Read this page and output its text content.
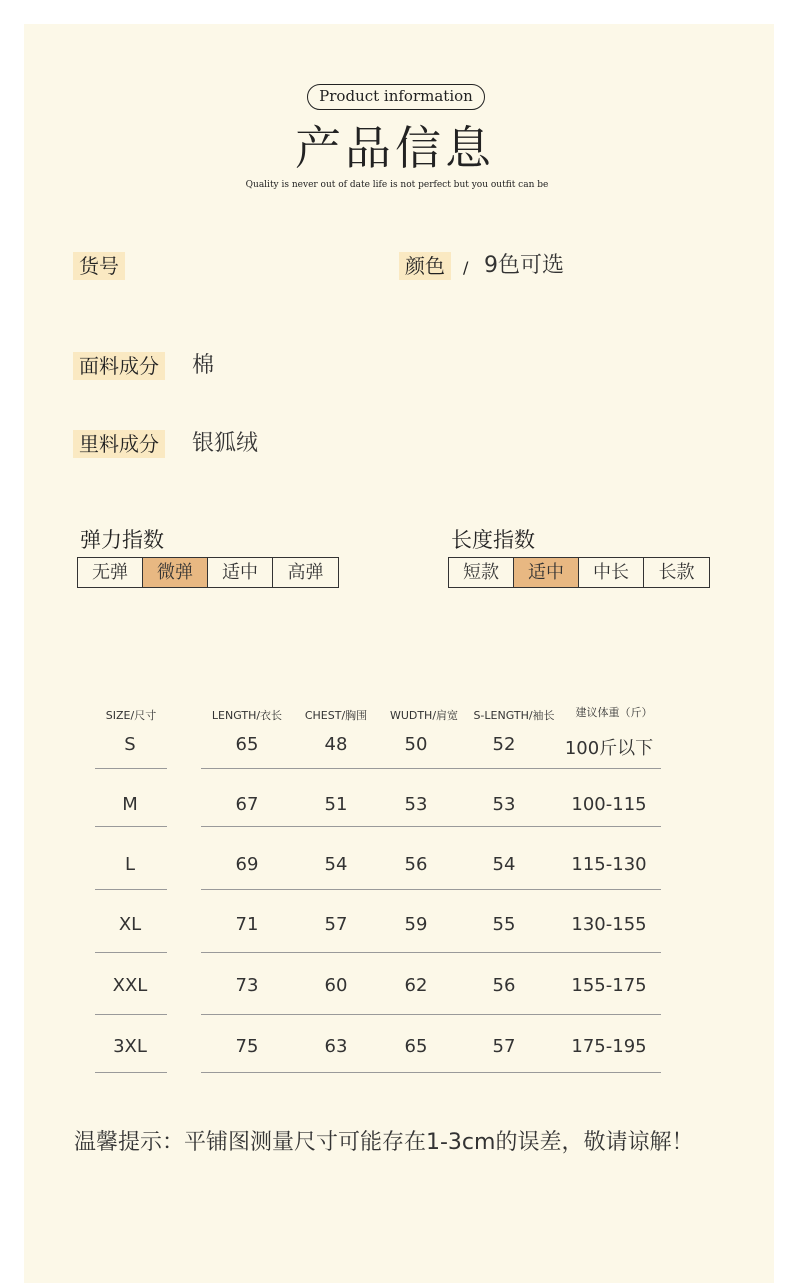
Product information
产品信息
Quality is never out of date life is not perfect but you outfit can be
货号	颜色	/ 9色可选
面料成分 棉
里料成分 银狐绒
弹力指数
无弹	微弹	适中	高弹
长度指数
短款	适中	中长	长款
SIZE/尺寸	LENGTH/衣长	CHEST/胸围	WUDTH/肩宽	S-LENGTH/袖长	建议体重（斤）
S	65	48	50	52	100斤以下
M	67	51	53	53	100-115
L	69	54	56	54	115-130
XL	71	57	59	55	130-155
XXL	73	60	62	56	155-175
3XL	75	63	65	57	175-195
温馨提示：平铺图测量尺寸可能存在1-3cm的误差，敬请谅解！
